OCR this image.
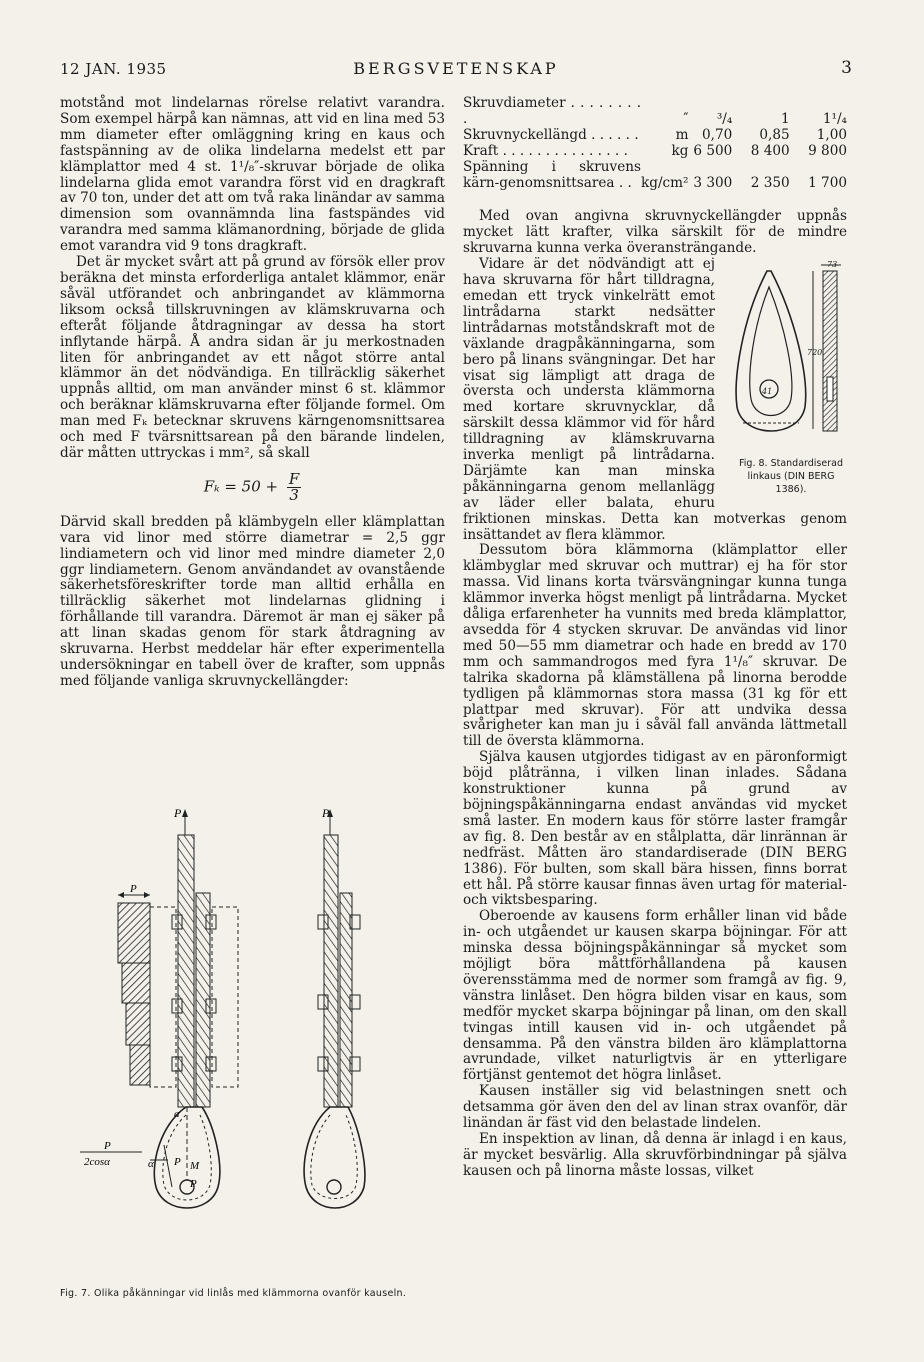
12 JAN. 1935	BERGSVETENSKAP	3

motstånd mot lindelarnas rörelse relativt varandra. Som exempel härpå kan nämnas, att vid en lina med 53 mm diameter efter omläggning kring en kaus och fastspänning av de olika lindelarna medelst ett par klämplattor med 4 st. 1¹/₈″-skruvar började de olika lindelarna glida emot varandra först vid en dragkraft av 70 ton, under det att om två raka linändar av samma dimension som ovannämnda lina fastspändes vid varandra med samma klämanordning, började de glida emot varandra vid 9 tons dragkraft.

Det är mycket svårt att på grund av försök eller prov beräkna det minsta erforderliga antalet klämmor, enär såväl utförandet och anbringandet av klämmorna liksom också tillskruvningen av klämskruvarna och efteråt följande åtdragningar av dessa ha stort inflytande härpå. Å andra sidan är ju merkostnaden liten för anbringandet av ett något större antal klämmor än det nödvändiga. En tillräcklig säkerhet uppnås alltid, om man använder minst 6 st. klämmor och beräknar klämskruvarna efter följande formel. Om man med Fₖ betecknar skruvens kärngenomsnittsarea och med F tvärsnittsarean på den bärande lindelen, där måtten uttryckas i mm², så skall

$F_k = 50 + \frac{F}{3}$

Därvid skall bredden på klämbygeln eller klämplattan vara vid linor med större diametrar = 2,5 ggr lindiametern och vid linor med mindre diameter 2,0 ggr lindiametern. Genom användandet av ovanstående säkerhetsföreskrifter torde man alltid erhålla en tillräcklig säkerhet mot lindelarnas glidning i förhållande till varandra. Däremot är man ej säker på att linan skadas genom för stark åtdragning av skruvarna. Herbst meddelar här efter experimentella undersökningar en tabell över de krafter, som uppnås med följande vanliga skruvnyckellängder:

P	P
P
P
2cosα	α
a
M
P
P
Fig. 7. Olika påkänningar vid linlås med klämmorna ovanför kauseln.
Skruvdiameter . . . . . . . . .	″	³/₄	1	1¹/₄
Skruvnyckellängd . . . . . .	m	0,70	0,85	1,00
Kraft . . . . . . . . . . . . . . .	kg	6 500	8 400	9 800
Spänning i skruvens kärn-genomsnittsarea . .	kg/cm²	3 300	2 350	1 700

Med ovan angivna skruvnyckellängder uppnås mycket lätt krafter, vilka särskilt för de mindre skruvarna kunna verka överansträngande.

73
720
41
Fig. 8. Standardiserad linkaus (DIN BERG 1386).

Vidare är det nödvändigt att ej hava skruvarna för hårt tilldragna, emedan ett tryck vinkelrätt emot lintrådarna starkt nedsätter lintrådarnas motståndskraft mot de växlande dragpåkänningarna, som bero på linans svängningar. Det har visat sig lämpligt att draga de översta och understa klämmorna med kortare skruvnycklar, då särskilt dessa klämmor vid för hård tilldragning av klämskruvarna inverka menligt på lintrådarna. Därjämte kan man minska påkänningarna genom mellanlägg av läder eller balata, ehuru friktionen minskas. Detta kan motverkas genom insättandet av flera klämmor.

Dessutom böra klämmorna (klämplattor eller klämbyglar med skruvar och muttrar) ej ha för stor massa. Vid linans korta tvärsvängningar kunna tunga klämmor inverka högst menligt på lintrådarna. Mycket dåliga erfarenheter ha vunnits med breda klämplattor, avsedda för 4 stycken skruvar. De användas vid linor med 50—55 mm diametrar och hade en bredd av 170 mm och sammandrogos med fyra 1¹/₈″ skruvar. De talrika skadorna på klämställena på linorna berodde tydligen på klämmornas stora massa (31 kg för ett plattpar med skruvar). För att undvika dessa svårigheter kan man ju i såväl fall använda lättmetall till de översta klämmorna.

Själva kausen utgjordes tidigast av en päronformigt böjd plåtränna, i vilken linan inlades. Sådana konstruktioner kunna på grund av böjningspåkänningarna endast användas vid mycket små laster. En modern kaus för större laster framgår av fig. 8. Den består av en stålplatta, där linrännan är nedfräst. Måtten äro standardiserade (DIN BERG 1386). För bulten, som skall bära hissen, finns borrat ett hål. På större kausar finnas även urtag för material- och viktsbesparing.

Oberoende av kausens form erhåller linan vid både in- och utgåendet ur kausen skarpa böjningar. För att minska dessa böjningspåkänningar så mycket som möjligt böra måttförhållandena på kausen överensstämma med de normer som framgå av fig. 9, vänstra linlåset. Den högra bilden visar en kaus, som medför mycket skarpa böjningar på linan, om den skall tvingas intill kausen vid in- och utgåendet på densamma. På den vänstra bilden äro klämplattorna avrundade, vilket naturligtvis är en ytterligare förtjänst gentemot det högra linlåset.

Kausen inställer sig vid belastningen snett och detsamma gör även den del av linan strax ovanför, där linändan är fäst vid den belastade lindelen.

En inspektion av linan, då denna är inlagd i en kaus, är mycket besvärlig. Alla skruvförbindningar på själva kausen och på linorna måste lossas, vilket
